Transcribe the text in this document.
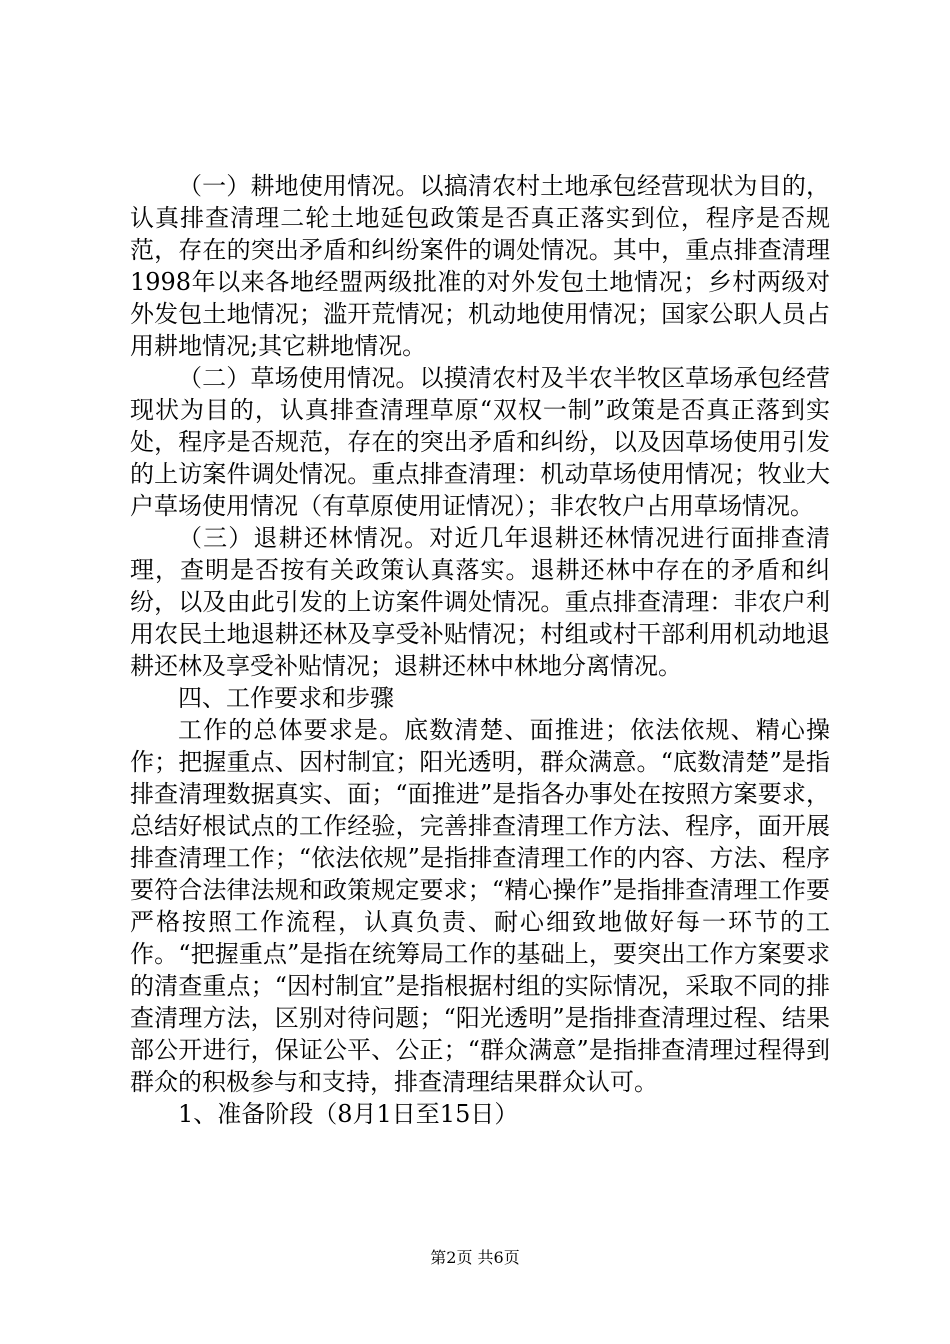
（一）耕地使用情况。以搞清农村土地承包经营现状为目的，认真排查清理二轮土地延包政策是否真正落实到位，程序是否规范，存在的突出矛盾和纠纷案件的调处情况。其中，重点排查清理1998年以来各地经盟两级批准的对外发包土地情况；乡村两级对外发包土地情况；滥开荒情况；机动地使用情况；国家公职人员占用耕地情况;其它耕地情况。

（二）草场使用情况。以摸清农村及半农半牧区草场承包经营现状为目的，认真排查清理草原“双权一制”政策是否真正落到实处，程序是否规范，存在的突出矛盾和纠纷，以及因草场使用引发的上访案件调处情况。重点排查清理：机动草场使用情况；牧业大户草场使用情况（有草原使用证情况）；非农牧户占用草场情况。

（三）退耕还林情况。对近几年退耕还林情况进行面排查清理，查明是否按有关政策认真落实。退耕还林中存在的矛盾和纠纷，以及由此引发的上访案件调处情况。重点排查清理：非农户利用农民土地退耕还林及享受补贴情况；村组或村干部利用机动地退耕还林及享受补贴情况；退耕还林中林地分离情况。

四、工作要求和步骤

工作的总体要求是。底数清楚、面推进；依法依规、精心操作；把握重点、因村制宜；阳光透明，群众满意。“底数清楚”是指排查清理数据真实、面；“面推进”是指各办事处在按照方案要求，总结好根试点的工作经验，完善排查清理工作方法、程序，面开展排查清理工作；“依法依规”是指排查清理工作的内容、方法、程序要符合法律法规和政策规定要求；“精心操作”是指排查清理工作要严格按照工作流程，认真负责、耐心细致地做好每一环节的工作。“把握重点”是指在统筹局工作的基础上，要突出工作方案要求的清查重点；“因村制宜”是指根据村组的实际情况，采取不同的排查清理方法，区别对待问题；“阳光透明”是指排查清理过程、结果部公开进行，保证公平、公正；“群众满意”是指排查清理过程得到群众的积极参与和支持，排查清理结果群众认可。

1、准备阶段（8月1日至15日）

第2页 共6页
